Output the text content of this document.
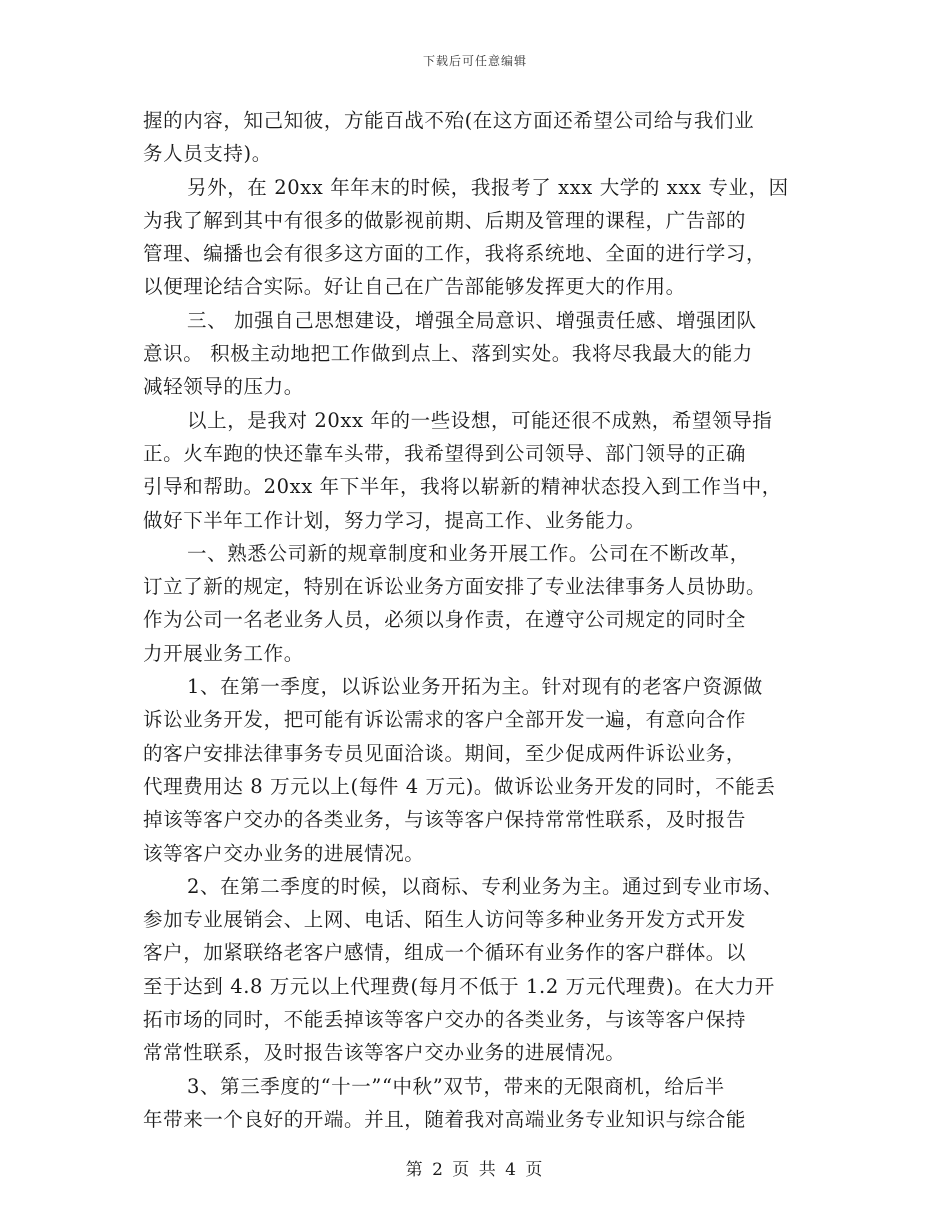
下载后可任意编辑
握的内容，知己知彼，方能百战不殆(在这方面还希望公司给与我们业
务人员支持)。
另外，在 20xx 年年末的时候，我报考了 xxx 大学的 xxx 专业，因
为我了解到其中有很多的做影视前期、后期及管理的课程，广告部的
管理、编播也会有很多这方面的工作，我将系统地、全面的进行学习，
以便理论结合实际。好让自己在广告部能够发挥更大的作用。
三、 加强自己思想建设，增强全局意识、增强责任感、增强团队
意识。 积极主动地把工作做到点上、落到实处。我将尽我最大的能力
减轻领导的压力。
以上，是我对 20xx 年的一些设想，可能还很不成熟，希望领导指
正。火车跑的快还靠车头带，我希望得到公司领导、部门领导的正确
引导和帮助。20xx 年下半年，我将以崭新的精神状态投入到工作当中，
做好下半年工作计划，努力学习，提高工作、业务能力。
一、熟悉公司新的规章制度和业务开展工作。公司在不断改革，
订立了新的规定，特别在诉讼业务方面安排了专业法律事务人员协助。
作为公司一名老业务人员，必须以身作责，在遵守公司规定的同时全
力开展业务工作。
1、在第一季度，以诉讼业务开拓为主。针对现有的老客户资源做
诉讼业务开发，把可能有诉讼需求的客户全部开发一遍，有意向合作
的客户安排法律事务专员见面洽谈。期间，至少促成两件诉讼业务，
代理费用达 8 万元以上(每件 4 万元)。做诉讼业务开发的同时，不能丢
掉该等客户交办的各类业务，与该等客户保持常常性联系，及时报告
该等客户交办业务的进展情况。
2、在第二季度的时候，以商标、专利业务为主。通过到专业市场、
参加专业展销会、上网、电话、陌生人访问等多种业务开发方式开发
客户，加紧联络老客户感情，组成一个循环有业务作的客户群体。以
至于达到 4.8 万元以上代理费(每月不低于 1.2 万元代理费)。在大力开
拓市场的同时，不能丢掉该等客户交办的各类业务，与该等客户保持
常常性联系，及时报告该等客户交办业务的进展情况。
3、第三季度的“十一”“中秋”双节，带来的无限商机，给后半
年带来一个良好的开端。并且，随着我对高端业务专业知识与综合能
第 2 页 共 4 页
